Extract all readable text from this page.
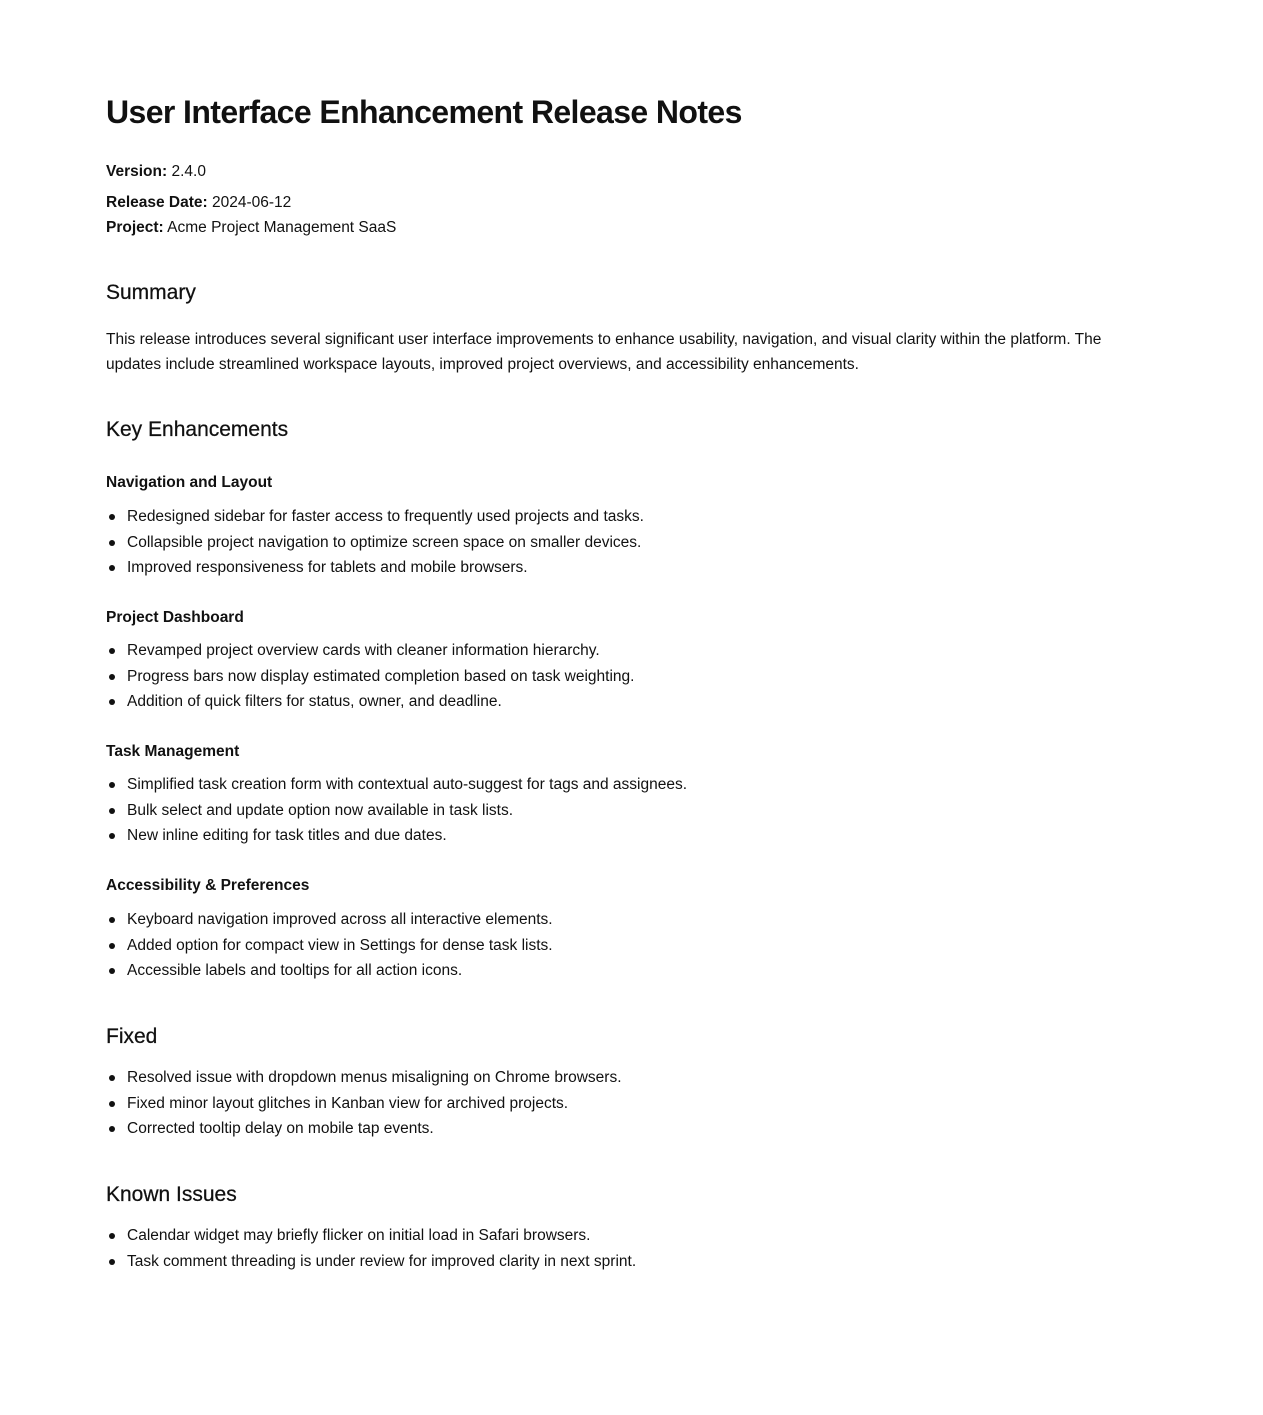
User Interface Enhancement Release Notes
Version: 2.4.0
Release Date: 2024-06-12
Project: Acme Project Management SaaS
Summary

This release introduces several significant user interface improvements to enhance usability, navigation, and visual clarity within the platform. The updates include streamlined workspace layouts, improved project overviews, and accessibility enhancements.

Key Enhancements
Navigation and Layout
Redesigned sidebar for faster access to frequently used projects and tasks.
Collapsible project navigation to optimize screen space on smaller devices.
Improved responsiveness for tablets and mobile browsers.
Project Dashboard
Revamped project overview cards with cleaner information hierarchy.
Progress bars now display estimated completion based on task weighting.
Addition of quick filters for status, owner, and deadline.
Task Management
Simplified task creation form with contextual auto-suggest for tags and assignees.
Bulk select and update option now available in task lists.
New inline editing for task titles and due dates.
Accessibility & Preferences
Keyboard navigation improved across all interactive elements.
Added option for compact view in Settings for dense task lists.
Accessible labels and tooltips for all action icons.
Fixed
Resolved issue with dropdown menus misaligning on Chrome browsers.
Fixed minor layout glitches in Kanban view for archived projects.
Corrected tooltip delay on mobile tap events.
Known Issues
Calendar widget may briefly flicker on initial load in Safari browsers.
Task comment threading is under review for improved clarity in next sprint.
